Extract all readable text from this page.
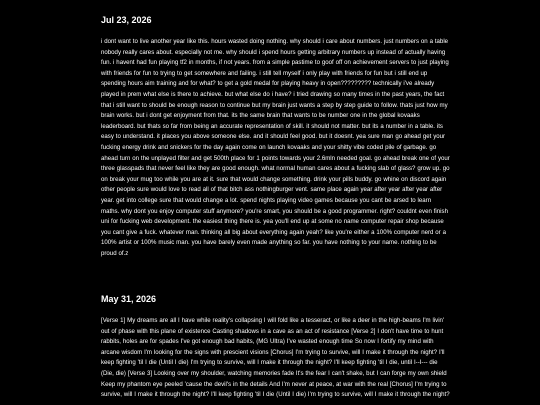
Jul 23, 2026

i dont want to live another year like this. hours wasted doing nothing. why should i care about numbers. just numbers on a table nobody really cares about. especially not me. why should i spend hours getting arbitrary numbers up instead of actually having fun. i havent had fun playing tf2 in months, if not years. from a simple pastime to goof off on achievement servers to just playing with friends for fun to trying to get somewhere and failing. i still tell myself i only play with friends for fun but i still end up spending hours aim training and for what? to get a gold medal for playing heavy in open????????? technically i've already played in prem what else is there to achieve. but what else do i have? i tried drawing so many times in the past years, the fact that i still want to should be enough reason to continue but my brain just wants a step by step guide to follow. thats just how my brain works. but i dont get enjoyment from that. its the same brain that wants to be number one in the global kovaaks leaderboard. but thats so far from being an accurate representation of skill. it should not matter. but its a number in a table. its easy to understand. it places you above someone else. and it should feel good. but it doesnt. yea sure man go ahead get your fucking energy drink and snickers for the day again come on launch kovaaks and your shitty vibe coded pile of garbage. go ahead turn on the unplayed filter and get 500th place for 1 points towards your 2.6mln needed goal. go ahead break one of your three glasspads that never feel like they are good enough. what normal human cares about a fucking slab of glass? grow up. go on break your mug too while you are at it. sure that would change something. drink your pills buddy. go whine on discord again other people sure would love to read all of that bitch ass nothingburger vent. same place again year after year after year after year. get into college sure that would change a lot. spend nights playing video games because you cant be arsed to learn maths. why dont you enjoy computer stuff anymore? you're smart, you should be a good programmer. right? couldnt even finish uni for fucking web development. the easiest thing there is. yea you'll end up at some no name computer repair shop because you cant give a fuck. whatever man. thinking all big about everything again yeah? like you're either a 100% computer nerd or a 100% artist or 100% music man. you have barely even made anything so far. you have nothing to your name. nothing to be proud of.z

May 31, 2026

[Verse 1] My dreams are all I have while reality's collapsing I will fold like a tesseract, or like a deer in the high-beams I'm livin' out of phase with this plane of existence Casting shadows in a cave as an act of resistance [Verse 2] I don't have time to hunt rabbits, holes are for spades I've got enough bad habits, (MG Ultra) I've wasted enough time So now I fortify my mind with arcane wisdom I'm looking for the signs with prescient visions [Chorus] I'm trying to survive, will I make it through the night? I'll keep fighting 'til I die (Until I die) I'm trying to survive, will I make it through the night? I'll keep fighting 'til I die, until I--I--- die (Die, die) [Verse 3] Looking over my shoulder, watching memories fade It's the fear I can't shake, but I can forge my own shield Keep my phantom eye peeled 'cause the devil's in the details And I'm never at peace, at war with the real [Chorus] I'm trying to survive, will I make it through the night? I'll keep fighting 'til I die (Until I die) I'm trying to survive, will I make it through the night?
